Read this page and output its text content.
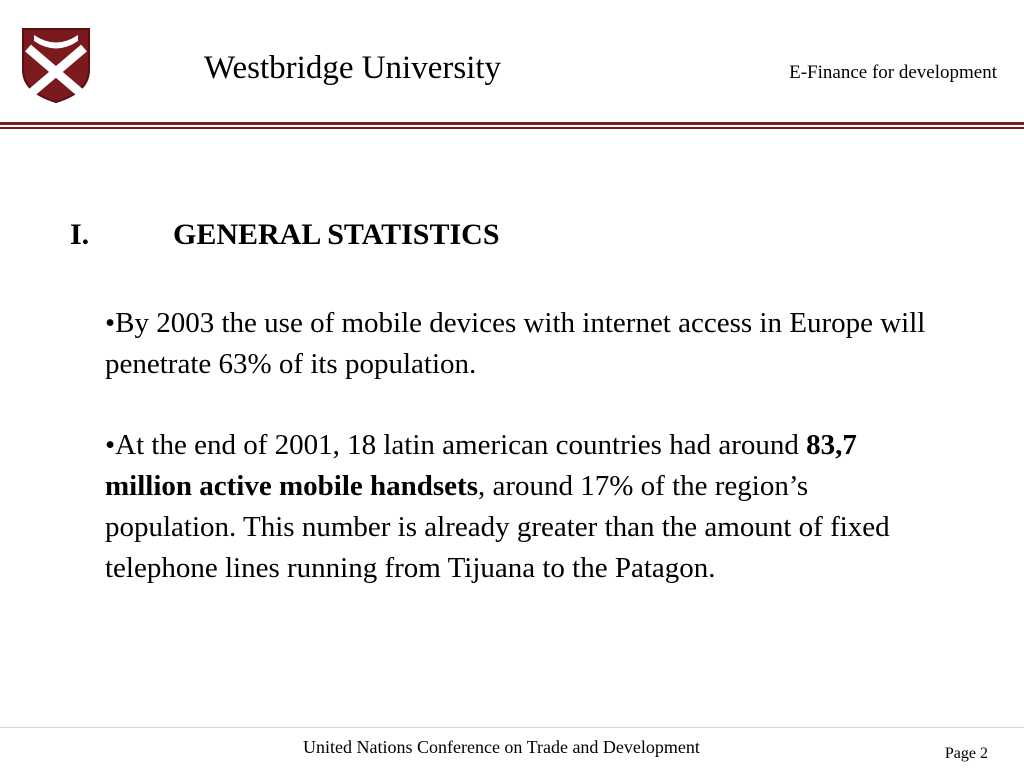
Westbridge University	E-Finance for development
I.	GENERAL STATISTICS
•By 2003 the use of mobile devices with internet access in Europe will penetrate 63% of its population.
•At the end of 2001, 18 latin american countries had around 83,7 million active mobile handsets, around 17% of the region’s population. This number is already greater than the amount of fixed telephone lines running from Tijuana to the Patagon.
United Nations Conference on Trade and Development	Page 2
